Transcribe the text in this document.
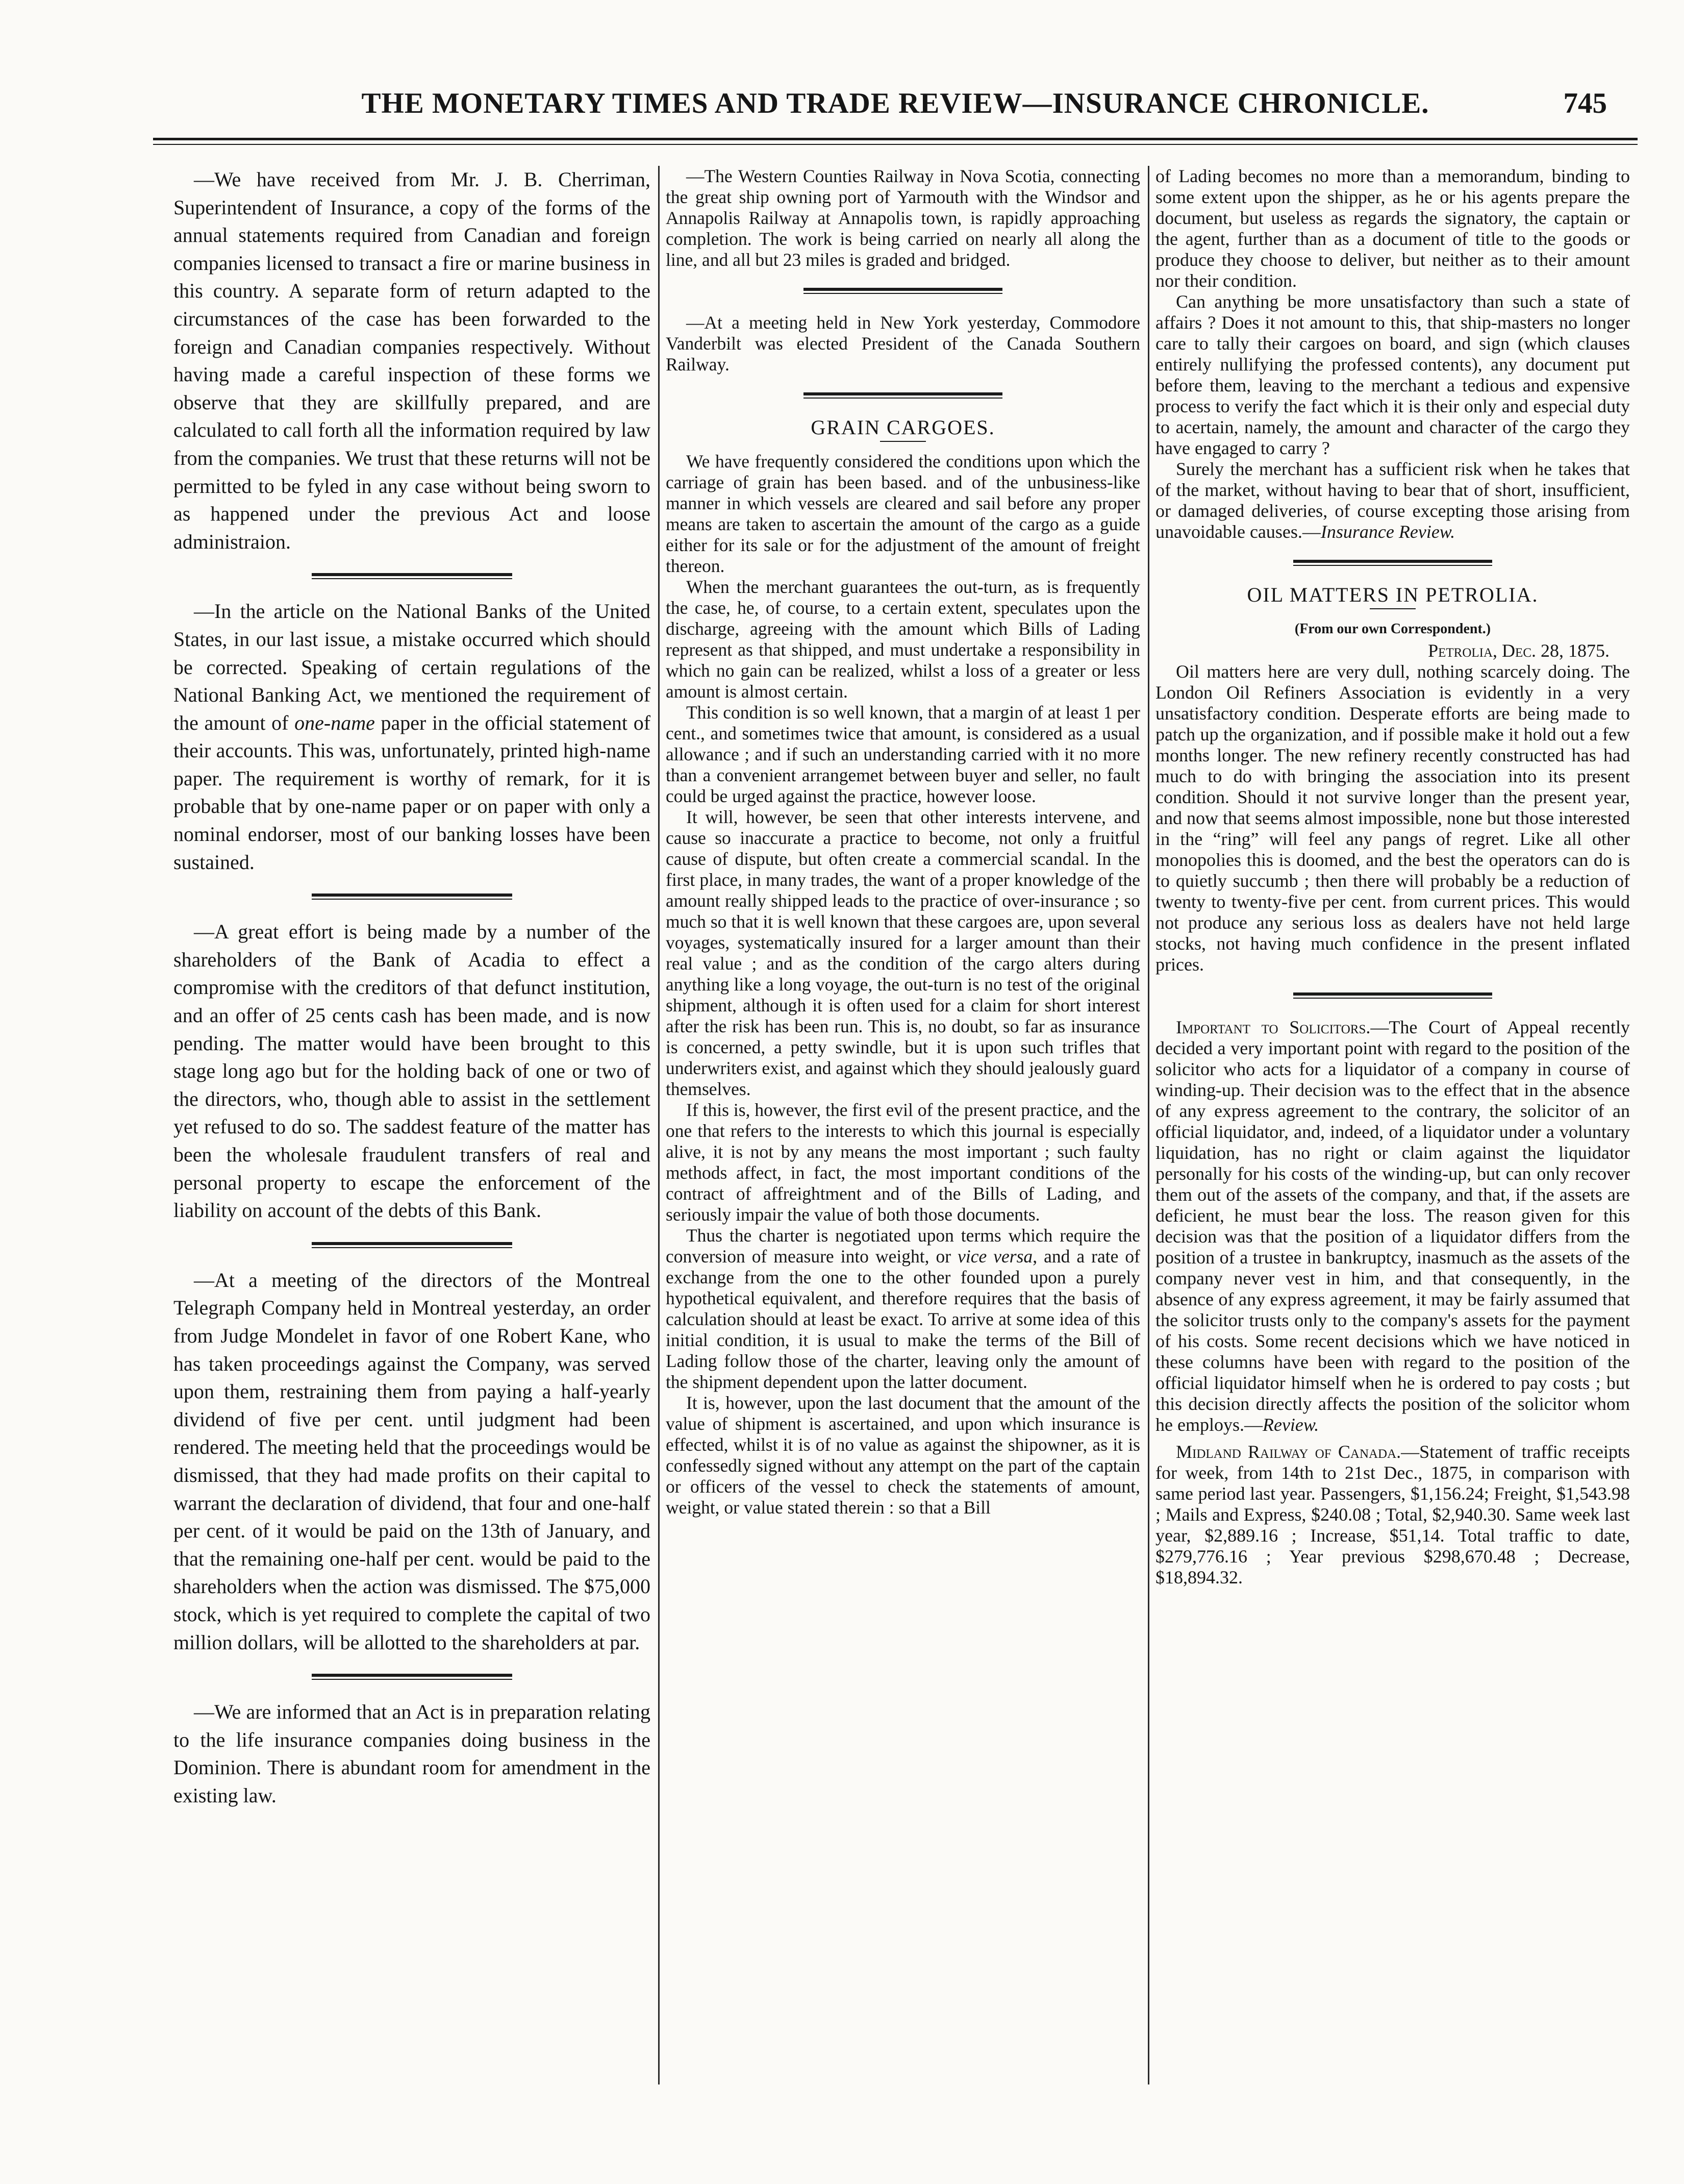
THE MONETARY TIMES AND TRADE REVIEW—INSURANCE CHRONICLE.	745

—We have received from Mr. J. B. Cherriman, Superintendent of Insurance, a copy of the forms of the annual statements required from Canadian and foreign companies licensed to transact a fire or marine business in this country. A separate form of return adapted to the circumstances of the case has been forwarded to the foreign and Canadian companies respectively. Without having made a careful inspection of these forms we observe that they are skillfully prepared, and are calculated to call forth all the information required by law from the companies. We trust that these returns will not be permitted to be fyled in any case without being sworn to as happened under the previous Act and loose administraion.

—In the article on the National Banks of the United States, in our last issue, a mistake occurred which should be corrected. Speaking of certain regulations of the National Banking Act, we mentioned the requirement of the amount of one-name paper in the official statement of their accounts. This was, unfortunately, printed high-name paper. The requirement is worthy of remark, for it is probable that by one-name paper or on paper with only a nominal endorser, most of our banking losses have been sustained.

—A great effort is being made by a number of the shareholders of the Bank of Acadia to effect a compromise with the creditors of that defunct institution, and an offer of 25 cents cash has been made, and is now pending. The matter would have been brought to this stage long ago but for the holding back of one or two of the directors, who, though able to assist in the settlement yet refused to do so. The saddest feature of the matter has been the wholesale fraudulent transfers of real and personal property to escape the enforcement of the liability on account of the debts of this Bank.

—At a meeting of the directors of the Montreal Telegraph Company held in Montreal yesterday, an order from Judge Mondelet in favor of one Robert Kane, who has taken proceedings against the Company, was served upon them, restraining them from paying a half-yearly dividend of five per cent. until judgment had been rendered. The meeting held that the proceedings would be dismissed, that they had made profits on their capital to warrant the declaration of dividend, that four and one-half per cent. of it would be paid on the 13th of January, and that the remaining one-half per cent. would be paid to the shareholders when the action was dismissed. The $75,000 stock, which is yet required to complete the capital of two million dollars, will be allotted to the shareholders at par.

—We are informed that an Act is in preparation relating to the life insurance companies doing business in the Dominion. There is abundant room for amendment in the existing law.

—The Western Counties Railway in Nova Scotia, connecting the great ship owning port of Yarmouth with the Windsor and Annapolis Railway at Annapolis town, is rapidly approaching completion. The work is being carried on nearly all along the line, and all but 23 miles is graded and bridged.

—At a meeting held in New York yesterday, Commodore Vanderbilt was elected President of the Canada Southern Railway.

GRAIN CARGOES.

We have frequently considered the conditions upon which the carriage of grain has been based. and of the unbusiness-like manner in which vessels are cleared and sail before any proper means are taken to ascertain the amount of the cargo as a guide either for its sale or for the adjustment of the amount of freight thereon.

When the merchant guarantees the out-turn, as is frequently the case, he, of course, to a certain extent, speculates upon the discharge, agreeing with the amount which Bills of Lading represent as that shipped, and must undertake a responsibility in which no gain can be realized, whilst a loss of a greater or less amount is almost certain.

This condition is so well known, that a margin of at least 1 per cent., and sometimes twice that amount, is considered as a usual allowance ; and if such an understanding carried with it no more than a convenient arrangemet between buyer and seller, no fault could be urged against the practice, however loose.

It will, however, be seen that other interests intervene, and cause so inaccurate a practice to become, not only a fruitful cause of dispute, but often create a commercial scandal. In the first place, in many trades, the want of a proper knowledge of the amount really shipped leads to the practice of over-insurance ; so much so that it is well known that these cargoes are, upon several voyages, systematically insured for a larger amount than their real value ; and as the condition of the cargo alters during anything like a long voyage, the out-turn is no test of the original shipment, although it is often used for a claim for short interest after the risk has been run. This is, no doubt, so far as insurance is concerned, a petty swindle, but it is upon such trifles that underwriters exist, and against which they should jealously guard themselves.

If this is, however, the first evil of the present practice, and the one that refers to the interests to which this journal is especially alive, it is not by any means the most important ; such faulty methods affect, in fact, the most important conditions of the contract of affreightment and of the Bills of Lading, and seriously impair the value of both those documents.

Thus the charter is negotiated upon terms which require the conversion of measure into weight, or vice versa, and a rate of exchange from the one to the other founded upon a purely hypothetical equivalent, and therefore requires that the basis of calculation should at least be exact. To arrive at some idea of this initial condition, it is usual to make the terms of the Bill of Lading follow those of the charter, leaving only the amount of the shipment dependent upon the latter document.

It is, however, upon the last document that the amount of the value of shipment is ascertained, and upon which insurance is effected, whilst it is of no value as against the shipowner, as it is confessedly signed without any attempt on the part of the captain or officers of the vessel to check the statements of amount, weight, or value stated therein : so that a Bill

of Lading becomes no more than a memorandum, binding to some extent upon the shipper, as he or his agents prepare the document, but useless as regards the signatory, the captain or the agent, further than as a document of title to the goods or produce they choose to deliver, but neither as to their amount nor their condition.

Can anything be more unsatisfactory than such a state of affairs ? Does it not amount to this, that ship-masters no longer care to tally their cargoes on board, and sign (which clauses entirely nullifying the professed contents), any document put before them, leaving to the merchant a tedious and expensive process to verify the fact which it is their only and especial duty to acertain, namely, the amount and character of the cargo they have engaged to carry ?

Surely the merchant has a sufficient risk when he takes that of the market, without having to bear that of short, insufficient, or damaged deliveries, of course excepting those arising from unavoidable causes.—Insurance Review.

OIL MATTERS IN PETROLIA.
(From our own Correspondent.)

Petrolia, Dec. 28, 1875.

Oil matters here are very dull, nothing scarcely doing. The London Oil Refiners Association is evidently in a very unsatisfactory condition. Desperate efforts are being made to patch up the organization, and if possible make it hold out a few months longer. The new refinery recently constructed has had much to do with bringing the association into its present condition. Should it not survive longer than the present year, and now that seems almost impossible, none but those interested in the “ring” will feel any pangs of regret. Like all other monopolies this is doomed, and the best the operators can do is to quietly succumb ; then there will probably be a reduction of twenty to twenty-five per cent. from current prices. This would not produce any serious loss as dealers have not held large stocks, not having much confidence in the present inflated prices.

Important to Solicitors.—The Court of Appeal recently decided a very important point with regard to the position of the solicitor who acts for a liquidator of a company in course of winding-up. Their decision was to the effect that in the absence of any express agreement to the contrary, the solicitor of an official liquidator, and, indeed, of a liquidator under a voluntary liquidation, has no right or claim against the liquidator personally for his costs of the winding-up, but can only recover them out of the assets of the company, and that, if the assets are deficient, he must bear the loss. The reason given for this decision was that the position of a liquidator differs from the position of a trustee in bankruptcy, inasmuch as the assets of the company never vest in him, and that consequently, in the absence of any express agreement, it may be fairly assumed that the solicitor trusts only to the company's assets for the payment of his costs. Some recent decisions which we have noticed in these columns have been with regard to the position of the official liquidator himself when he is ordered to pay costs ; but this decision directly affects the position of the solicitor whom he employs.—Review.

Midland Railway of Canada.—Statement of traffic receipts for week, from 14th to 21st Dec., 1875, in comparison with same period last year. Passengers, $1,156.24; Freight, $1,543.98 ; Mails and Express, $240.08 ; Total, $2,940.30. Same week last year, $2,889.16 ; Increase, $51,14. Total traffic to date, $279,776.16 ; Year previous $298,670.48 ; Decrease, $18,894.32.
